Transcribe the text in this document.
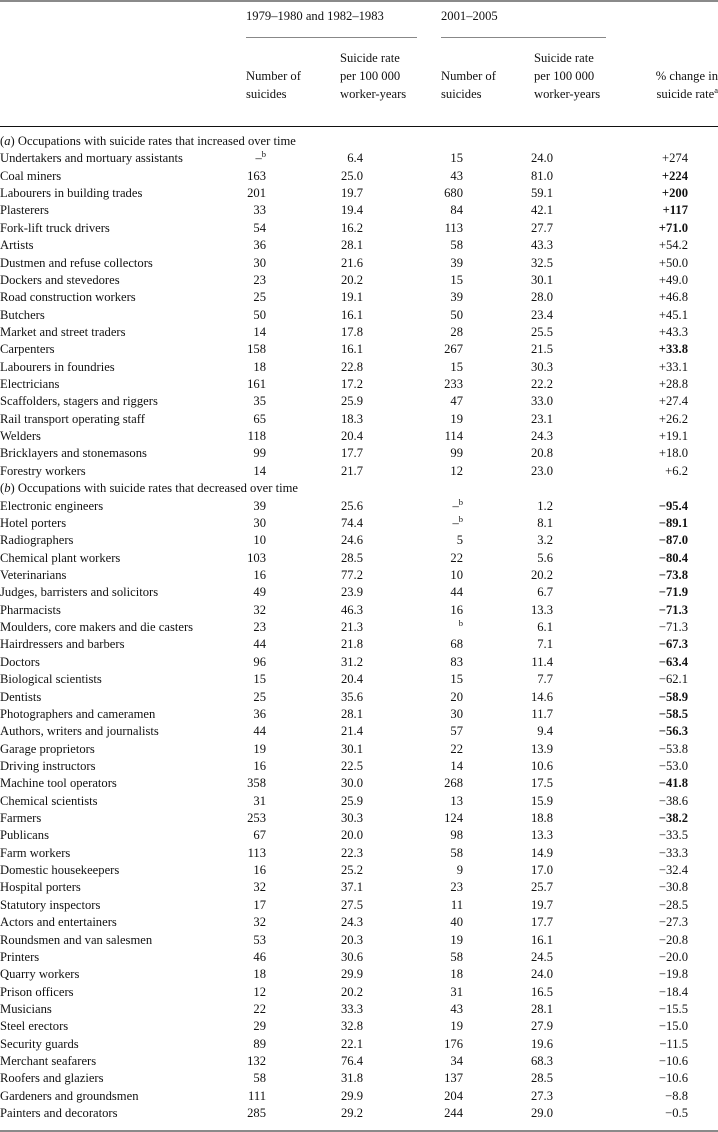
1979–1980 and 1982–1983	2001–2005
Number of
suicides
Suicide rate
per 100 000
worker-years
Number of
suicides
Suicide rate
per 100 000
worker-years
% change in
suicide rate$^a$
(a) Occupations with suicide rates that increased over time
Undertakers and mortuary assistants	–$^b$	6.4	15	24.0	+274
Coal miners	163	25.0	43	81.0	+224
Labourers in building trades	201	19.7	680	59.1	+200
Plasterers	33	19.4	84	42.1	+117
Fork-lift truck drivers	54	16.2	113	27.7	+71.0
Artists	36	28.1	58	43.3	+54.2
Dustmen and refuse collectors	30	21.6	39	32.5	+50.0
Dockers and stevedores	23	20.2	15	30.1	+49.0
Road construction workers	25	19.1	39	28.0	+46.8
Butchers	50	16.1	50	23.4	+45.1
Market and street traders	14	17.8	28	25.5	+43.3
Carpenters	158	16.1	267	21.5	+33.8
Labourers in foundries	18	22.8	15	30.3	+33.1
Electricians	161	17.2	233	22.2	+28.8
Scaffolders, stagers and riggers	35	25.9	47	33.0	+27.4
Rail transport operating staff	65	18.3	19	23.1	+26.2
Welders	118	20.4	114	24.3	+19.1
Bricklayers and stonemasons	99	17.7	99	20.8	+18.0
Forestry workers	14	21.7	12	23.0	+6.2
(b) Occupations with suicide rates that decreased over time
Electronic engineers	39	25.6	–$^b$	1.2	−95.4
Hotel porters	30	74.4	–$^b$	8.1	−89.1
Radiographers	10	24.6	5	3.2	−87.0
Chemical plant workers	103	28.5	22	5.6	−80.4
Veterinarians	16	77.2	10	20.2	−73.8
Judges, barristers and solicitors	49	23.9	44	6.7	−71.9
Pharmacists	32	46.3	16	13.3	−71.3
Moulders, core makers and die casters	23	21.3	$^b$	6.1	−71.3
Hairdressers and barbers	44	21.8	68	7.1	−67.3
Doctors	96	31.2	83	11.4	−63.4
Biological scientists	15	20.4	15	7.7	−62.1
Dentists	25	35.6	20	14.6	−58.9
Photographers and cameramen	36	28.1	30	11.7	−58.5
Authors, writers and journalists	44	21.4	57	9.4	−56.3
Garage proprietors	19	30.1	22	13.9	−53.8
Driving instructors	16	22.5	14	10.6	−53.0
Machine tool operators	358	30.0	268	17.5	−41.8
Chemical scientists	31	25.9	13	15.9	−38.6
Farmers	253	30.3	124	18.8	−38.2
Publicans	67	20.0	98	13.3	−33.5
Farm workers	113	22.3	58	14.9	−33.3
Domestic housekeepers	16	25.2	9	17.0	−32.4
Hospital porters	32	37.1	23	25.7	−30.8
Statutory inspectors	17	27.5	11	19.7	−28.5
Actors and entertainers	32	24.3	40	17.7	−27.3
Roundsmen and van salesmen	53	20.3	19	16.1	−20.8
Printers	46	30.6	58	24.5	−20.0
Quarry workers	18	29.9	18	24.0	−19.8
Prison officers	12	20.2	31	16.5	−18.4
Musicians	22	33.3	43	28.1	−15.5
Steel erectors	29	32.8	19	27.9	−15.0
Security guards	89	22.1	176	19.6	−11.5
Merchant seafarers	132	76.4	34	68.3	−10.6
Roofers and glaziers	58	31.8	137	28.5	−10.6
Gardeners and groundsmen	111	29.9	204	27.3	−8.8
Painters and decorators	285	29.2	244	29.0	−0.5
